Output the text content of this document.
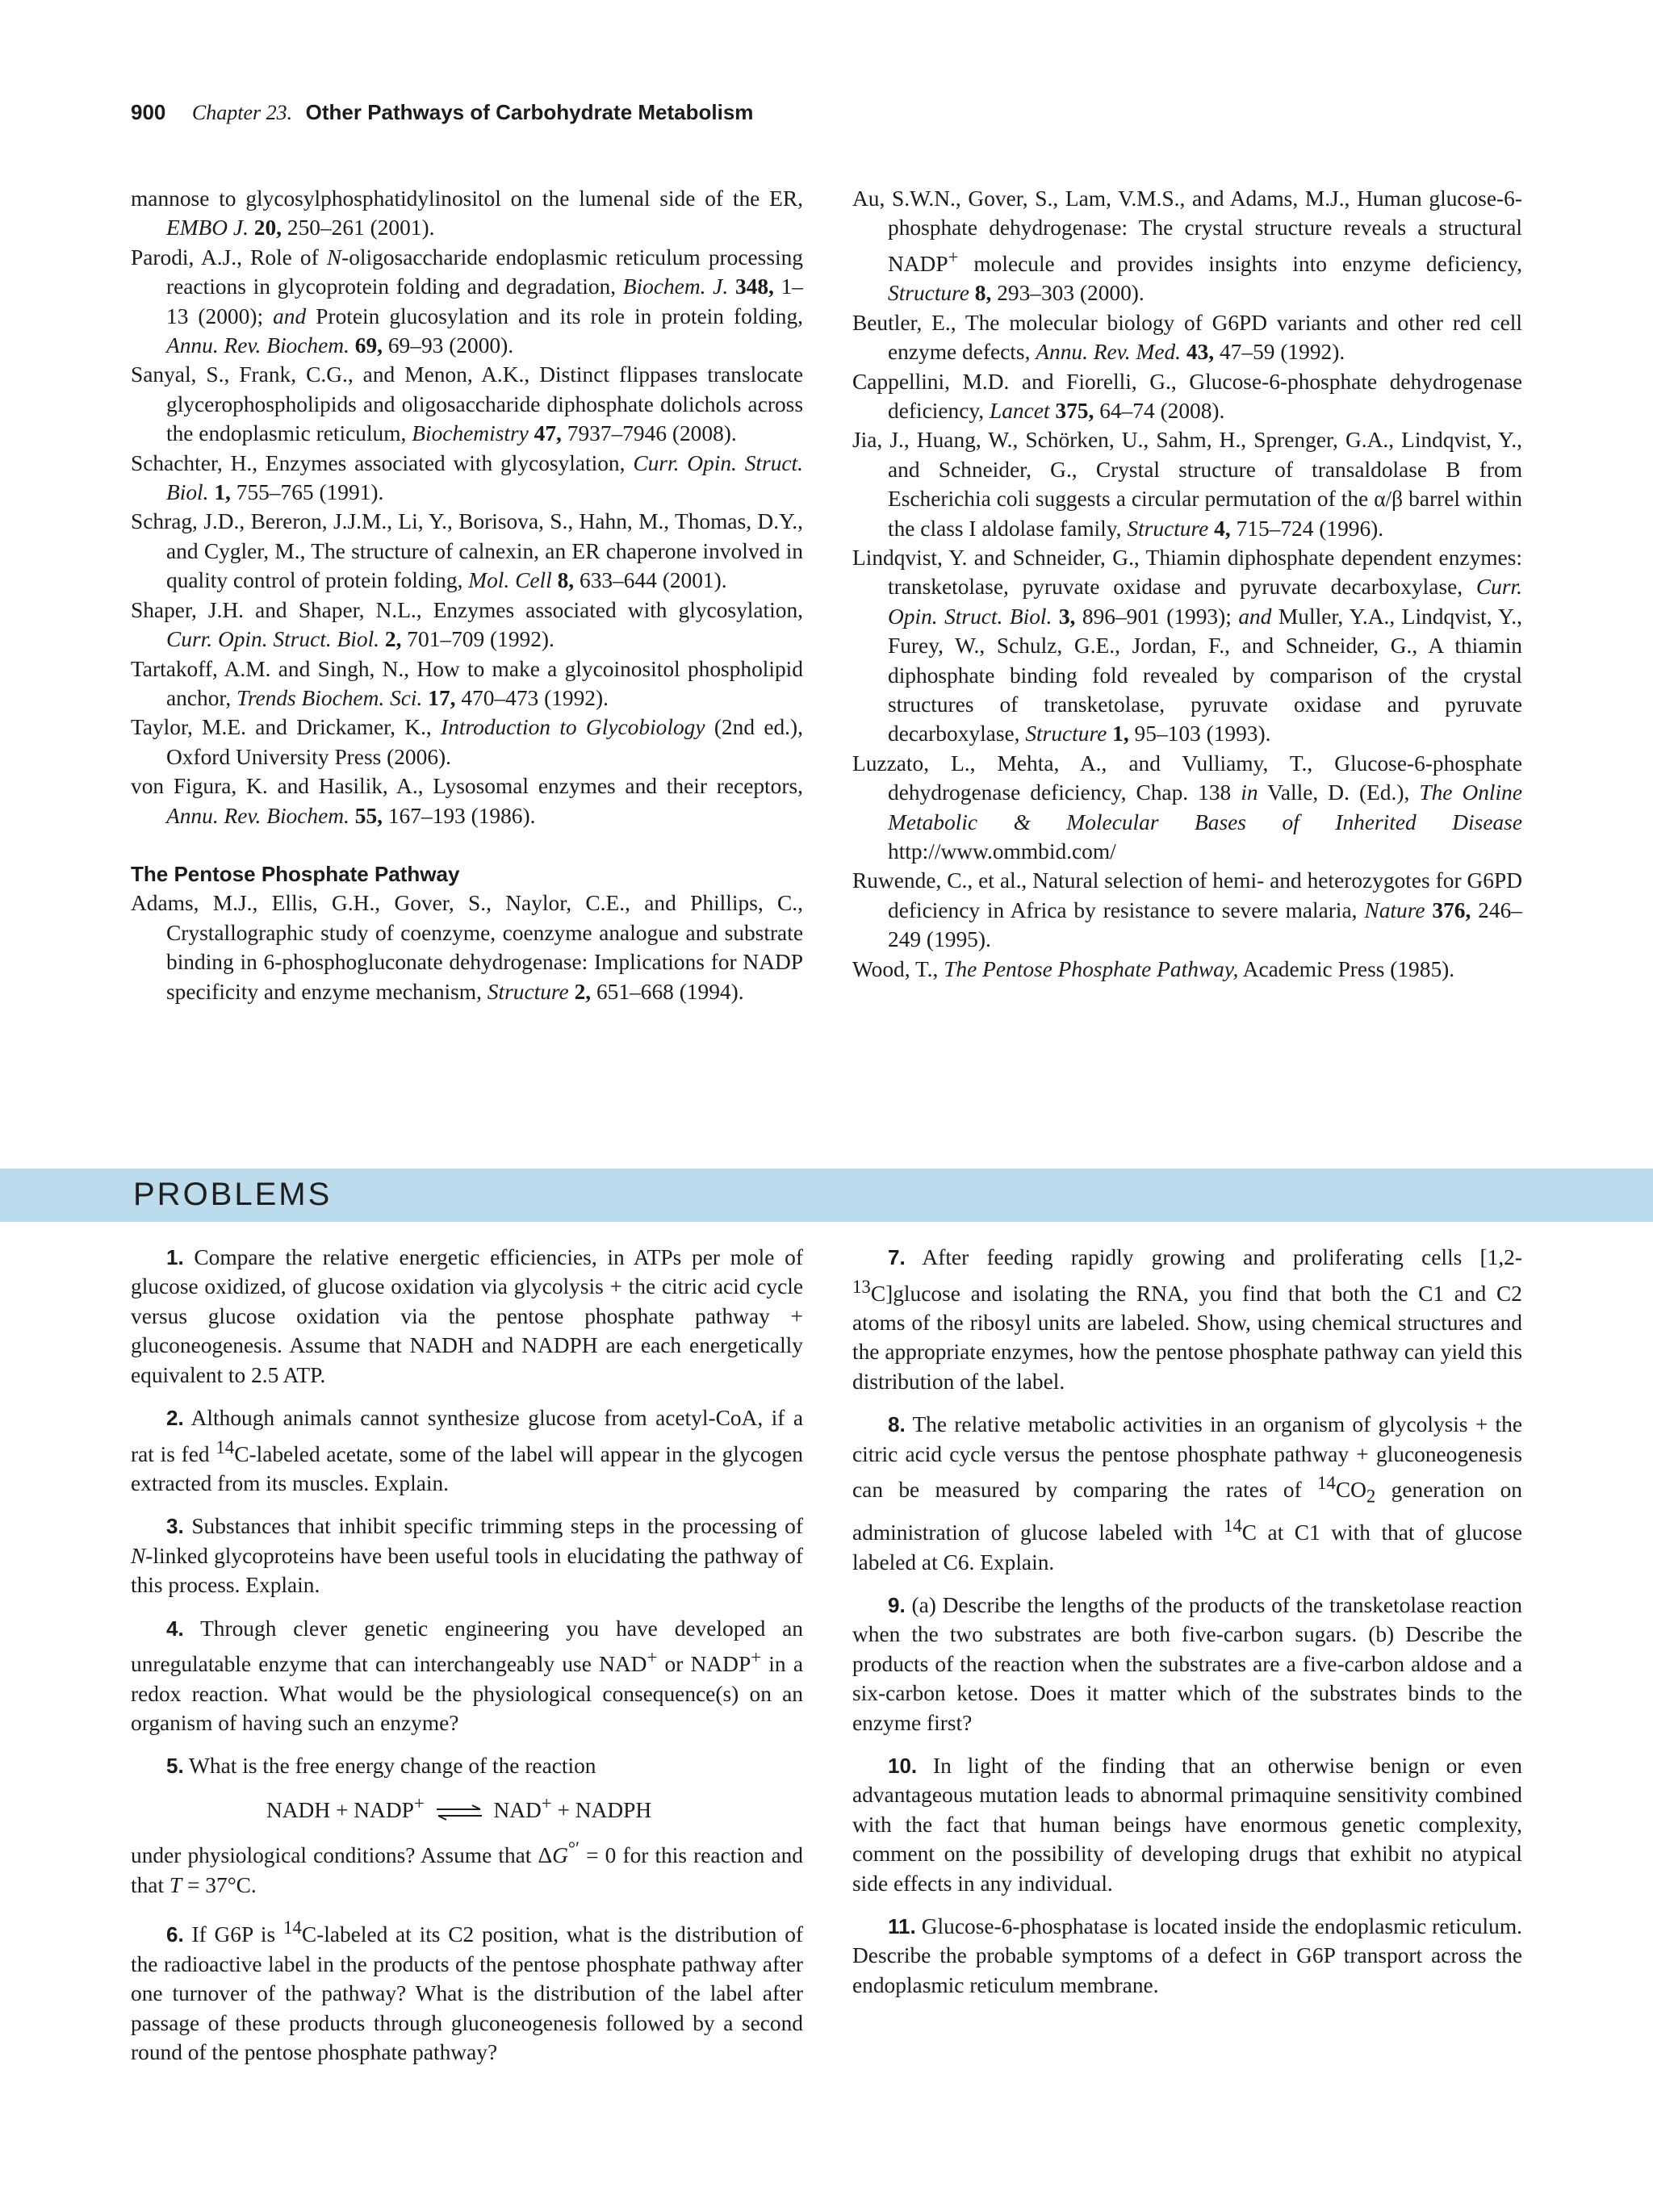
900 Chapter 23. Other Pathways of Carbohydrate Metabolism
mannose to glycosylphosphatidylinositol on the lumenal side of the ER, EMBO J. 20, 250–261 (2001).
Parodi, A.J., Role of N-oligosaccharide endoplasmic reticulum processing reactions in glycoprotein folding and degradation, Biochem. J. 348, 1–13 (2000); and Protein glucosylation and its role in protein folding, Annu. Rev. Biochem. 69, 69–93 (2000).
Sanyal, S., Frank, C.G., and Menon, A.K., Distinct flippases translocate glycerophospholipids and oligosaccharide diphosphate dolichols across the endoplasmic reticulum, Biochemistry 47, 7937–7946 (2008).
Schachter, H., Enzymes associated with glycosylation, Curr. Opin. Struct. Biol. 1, 755–765 (1991).
Schrag, J.D., Bereron, J.J.M., Li, Y., Borisova, S., Hahn, M., Thomas, D.Y., and Cygler, M., The structure of calnexin, an ER chaperone involved in quality control of protein folding, Mol. Cell 8, 633–644 (2001).
Shaper, J.H. and Shaper, N.L., Enzymes associated with glycosylation, Curr. Opin. Struct. Biol. 2, 701–709 (1992).
Tartakoff, A.M. and Singh, N., How to make a glycoinositol phospholipid anchor, Trends Biochem. Sci. 17, 470–473 (1992).
Taylor, M.E. and Drickamer, K., Introduction to Glycobiology (2nd ed.), Oxford University Press (2006).
von Figura, K. and Hasilik, A., Lysosomal enzymes and their receptors, Annu. Rev. Biochem. 55, 167–193 (1986).
The Pentose Phosphate Pathway
Adams, M.J., Ellis, G.H., Gover, S., Naylor, C.E., and Phillips, C., Crystallographic study of coenzyme, coenzyme analogue and substrate binding in 6-phosphogluconate dehydrogenase: Implications for NADP specificity and enzyme mechanism, Structure 2, 651–668 (1994).
Au, S.W.N., Gover, S., Lam, V.M.S., and Adams, M.J., Human glucose-6-phosphate dehydrogenase: The crystal structure reveals a structural NADP+ molecule and provides insights into enzyme deficiency, Structure 8, 293–303 (2000).
Beutler, E., The molecular biology of G6PD variants and other red cell enzyme defects, Annu. Rev. Med. 43, 47–59 (1992).
Cappellini, M.D. and Fiorelli, G., Glucose-6-phosphate dehydrogenase deficiency, Lancet 375, 64–74 (2008).
Jia, J., Huang, W., Schörken, U., Sahm, H., Sprenger, G.A., Lindqvist, Y., and Schneider, G., Crystal structure of transaldolase B from Escherichia coli suggests a circular permutation of the α/β barrel within the class I aldolase family, Structure 4, 715–724 (1996).
Lindqvist, Y. and Schneider, G., Thiamin diphosphate dependent enzymes: transketolase, pyruvate oxidase and pyruvate decarboxylase, Curr. Opin. Struct. Biol. 3, 896–901 (1993); and Muller, Y.A., Lindqvist, Y., Furey, W., Schulz, G.E., Jordan, F., and Schneider, G., A thiamin diphosphate binding fold revealed by comparison of the crystal structures of transketolase, pyruvate oxidase and pyruvate decarboxylase, Structure 1, 95–103 (1993).
Luzzato, L., Mehta, A., and Vulliamy, T., Glucose-6-phosphate dehydrogenase deficiency, Chap. 138 in Valle, D. (Ed.), The Online Metabolic & Molecular Bases of Inherited Disease http://www.ommbid.com/
Ruwende, C., et al., Natural selection of hemi- and heterozygotes for G6PD deficiency in Africa by resistance to severe malaria, Nature 376, 246–249 (1995).
Wood, T., The Pentose Phosphate Pathway, Academic Press (1985).
PROBLEMS
1. Compare the relative energetic efficiencies, in ATPs per mole of glucose oxidized, of glucose oxidation via glycolysis + the citric acid cycle versus glucose oxidation via the pentose phosphate pathway + gluconeogenesis. Assume that NADH and NADPH are each energetically equivalent to 2.5 ATP.
2. Although animals cannot synthesize glucose from acetyl-CoA, if a rat is fed $^{14}$C-labeled acetate, some of the label will appear in the glycogen extracted from its muscles. Explain.
3. Substances that inhibit specific trimming steps in the processing of N-linked glycoproteins have been useful tools in elucidating the pathway of this process. Explain.
4. Through clever genetic engineering you have developed an unregulatable enzyme that can interchangeably use NAD+ or NADP+ in a redox reaction. What would be the physiological consequence(s) on an organism of having such an enzyme?
5. What is the free energy change of the reaction
NADH + NADP+ ⇌ NAD+ + NADPH
under physiological conditions? Assume that ΔG°′ = 0 for this reaction and that T = 37°C.
6. If G6P is $^{14}$C-labeled at its C2 position, what is the distribution of the radioactive label in the products of the pentose phosphate pathway after one turnover of the pathway? What is the distribution of the label after passage of these products through gluconeogenesis followed by a second round of the pentose phosphate pathway?
7. After feeding rapidly growing and proliferating cells [1,2-$^{13}$C]glucose and isolating the RNA, you find that both the C1 and C2 atoms of the ribosyl units are labeled. Show, using chemical structures and the appropriate enzymes, how the pentose phosphate pathway can yield this distribution of the label.
8. The relative metabolic activities in an organism of glycolysis + the citric acid cycle versus the pentose phosphate pathway + gluconeogenesis can be measured by comparing the rates of $^{14}CO_2$ generation on administration of glucose labeled with $^{14}$C at C1 with that of glucose labeled at C6. Explain.
9. (a) Describe the lengths of the products of the transketolase reaction when the two substrates are both five-carbon sugars. (b) Describe the products of the reaction when the substrates are a five-carbon aldose and a six-carbon ketose. Does it matter which of the substrates binds to the enzyme first?
10. In light of the finding that an otherwise benign or even advantageous mutation leads to abnormal primaquine sensitivity combined with the fact that human beings have enormous genetic complexity, comment on the possibility of developing drugs that exhibit no atypical side effects in any individual.
11. Glucose-6-phosphatase is located inside the endoplasmic reticulum. Describe the probable symptoms of a defect in G6P transport across the endoplasmic reticulum membrane.
